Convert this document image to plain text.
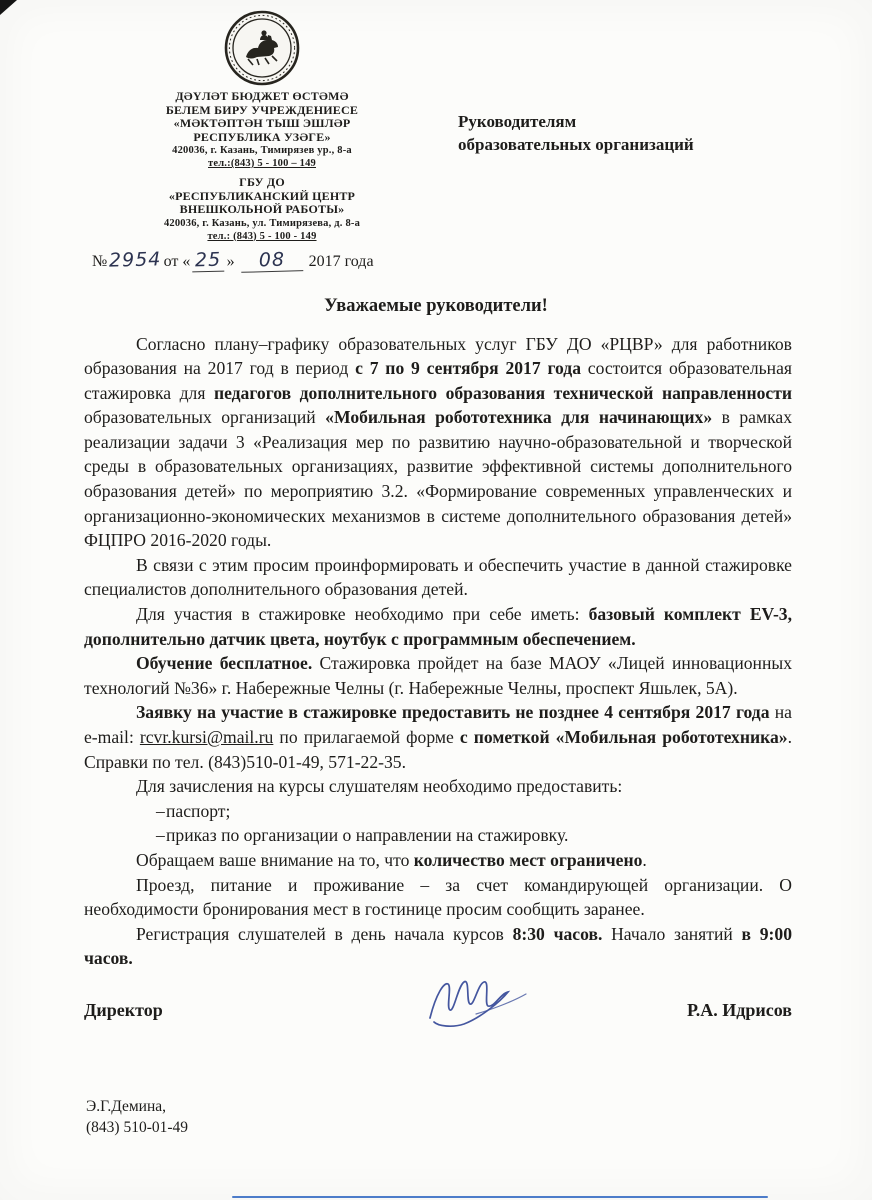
ДӘҮЛӘТ БЮДЖЕТ ӨСТӘМӘ
БЕЛЕМ БИРУ УЧРЕЖДЕНИЕСЕ
«МӘКТӘПТӘН ТЫШ ЭШЛӘР
РЕСПУБЛИКА УЗӘГЕ»
420036, г. Казань, Тимирязев ур., 8-а
тел.:(843) 5 - 100 – 149
ГБУ ДО
«РЕСПУБЛИКАНСКИЙ ЦЕНТР
ВНЕШКОЛЬНОЙ РАБОТЫ»
420036, г. Казань, ул. Тимирязева, д. 8-а
тел.: (843) 5 - 100 - 149
№2954 от « 25 » 08 2017 года
Руководителям
образовательных организаций
Уважаемые руководители!

Согласно плану–графику образовательных услуг ГБУ ДО «РЦВР» для работников образования на 2017 год в период с 7 по 9 сентября 2017 года состоится образовательная стажировка для педагогов дополнительного образования технической направленности образовательных организаций «Мобильная робототехника для начинающих» в рамках реализации задачи 3 «Реализация мер по развитию научно-образовательной и творческой среды в образовательных организациях, развитие эффективной системы дополнительного образования детей» по мероприятию 3.2. «Формирование современных управленческих и организационно-экономических механизмов в системе дополнительного образования детей» ФЦПРО 2016-2020 годы.

В связи с этим просим проинформировать и обеспечить участие в данной стажировке специалистов дополнительного образования детей.

Для участия в стажировке необходимо при себе иметь: базовый комплект EV-3, дополнительно датчик цвета, ноутбук с программным обеспечением.

Обучение бесплатное. Стажировка пройдет на базе МАОУ «Лицей инновационных технологий №36» г. Набережные Челны (г. Набережные Челны, проспект Яшьлек, 5А).

Заявку на участие в стажировке предоставить не позднее 4 сентября 2017 года на e-mail: rcvr.kursi@mail.ru по прилагаемой форме с пометкой «Мобильная робототехника». Справки по тел. (843)510-01-49, 571-22-35.

Для зачисления на курсы слушателям необходимо предоставить:

–паспорт;

–приказ по организации о направлении на стажировку.

Обращаем ваше внимание на то, что количество мест ограничено.

Проезд, питание и проживание – за счет командирующей организации. О необходимости бронирования мест в гостинице просим сообщить заранее.

Регистрация слушателей в день начала курсов 8:30 часов. Начало занятий в 9:00 часов.

Директор	Р.А. Идрисов
Э.Г.Демина,
(843) 510-01-49
